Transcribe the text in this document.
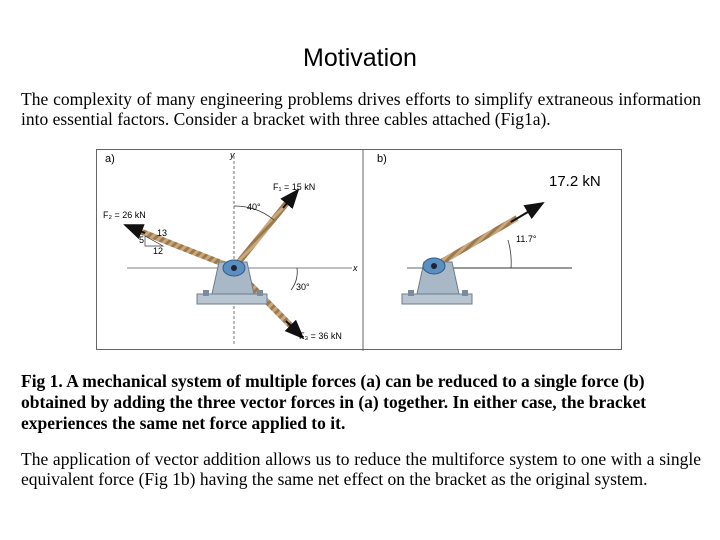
Motivation
The complexity of many engineering problems drives efforts to simplify extraneous information into essential factors. Consider a bracket with three cables attached (Fig1a).
a)	y
x
40°
30°
13
5
12
F₁ = 15 kN
F₂ = 26 kN
F₃ = 36 kN
b)
11.7°
17.2 kN
Fig 1. A mechanical system of multiple forces (a) can be reduced to a single force (b) obtained by adding the three vector forces in (a) together. In either case, the bracket experiences the same net force applied to it.
The application of vector addition allows us to reduce the multiforce system to one with a single equivalent force (Fig 1b) having the same net effect on the bracket as the original system.
